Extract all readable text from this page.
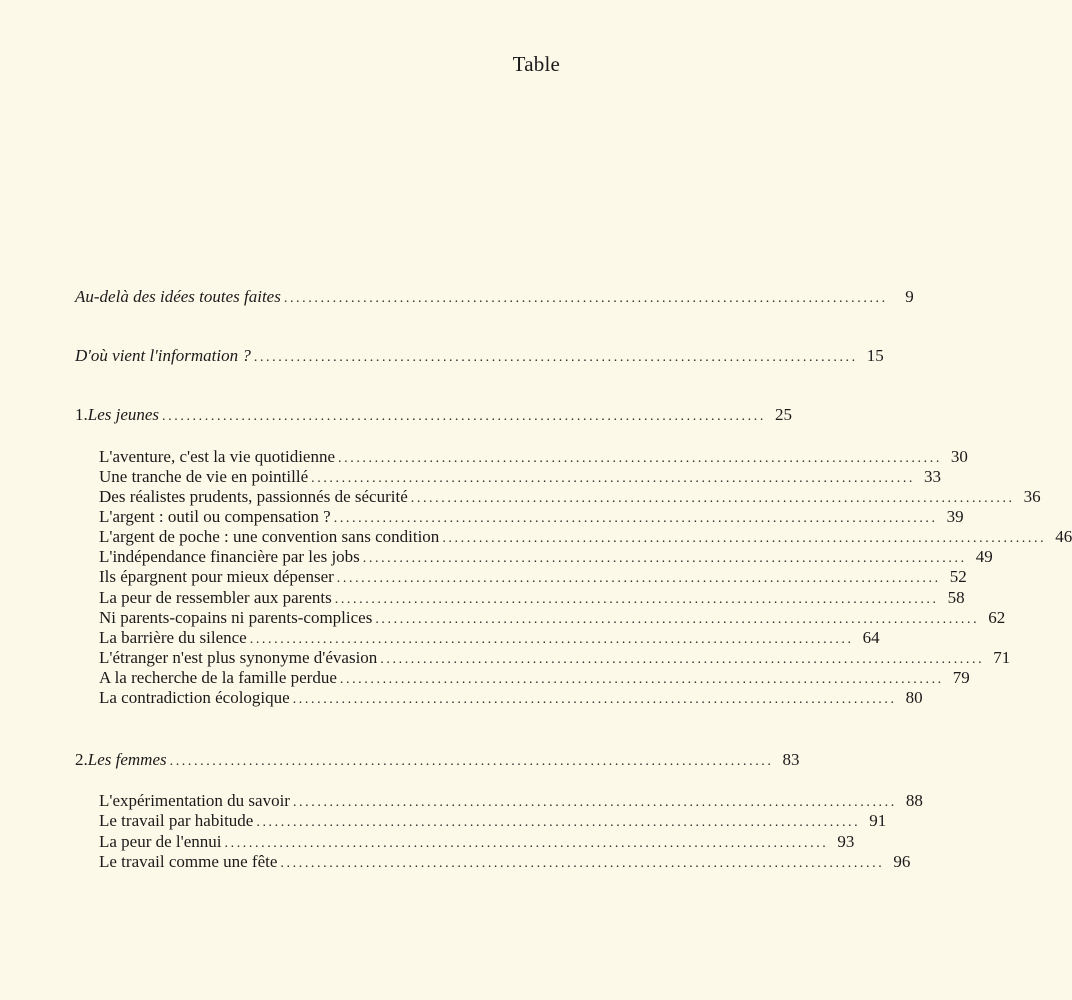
Table
Au-delà des idées toutes faites ...................................................................................................	9
D'où vient l'information ? ................................................................................................... 15
1. Les jeunes ................................................................................................... 25
L'aventure, c'est la vie quotidienne ................................................................................................... 30
Une tranche de vie en pointillé ................................................................................................... 33
Des réalistes prudents, passionnés de sécurité ................................................................................................... 36
L'argent : outil ou compensation ? ................................................................................................... 39
L'argent de poche : une convention sans condition ................................................................................................... 46
L'indépendance financière par les jobs ................................................................................................... 49
Ils épargnent pour mieux dépenser ................................................................................................... 52
La peur de ressembler aux parents ................................................................................................... 58
Ni parents-copains ni parents-complices ................................................................................................... 62
La barrière du silence ................................................................................................... 64
L'étranger n'est plus synonyme d'évasion ................................................................................................... 71
A la recherche de la famille perdue ................................................................................................... 79
La contradiction écologique ................................................................................................... 80
2. Les femmes ................................................................................................... 83
L'expérimentation du savoir ................................................................................................... 88
Le travail par habitude ................................................................................................... 91
La peur de l'ennui ................................................................................................... 93
Le travail comme une fête ................................................................................................... 96
